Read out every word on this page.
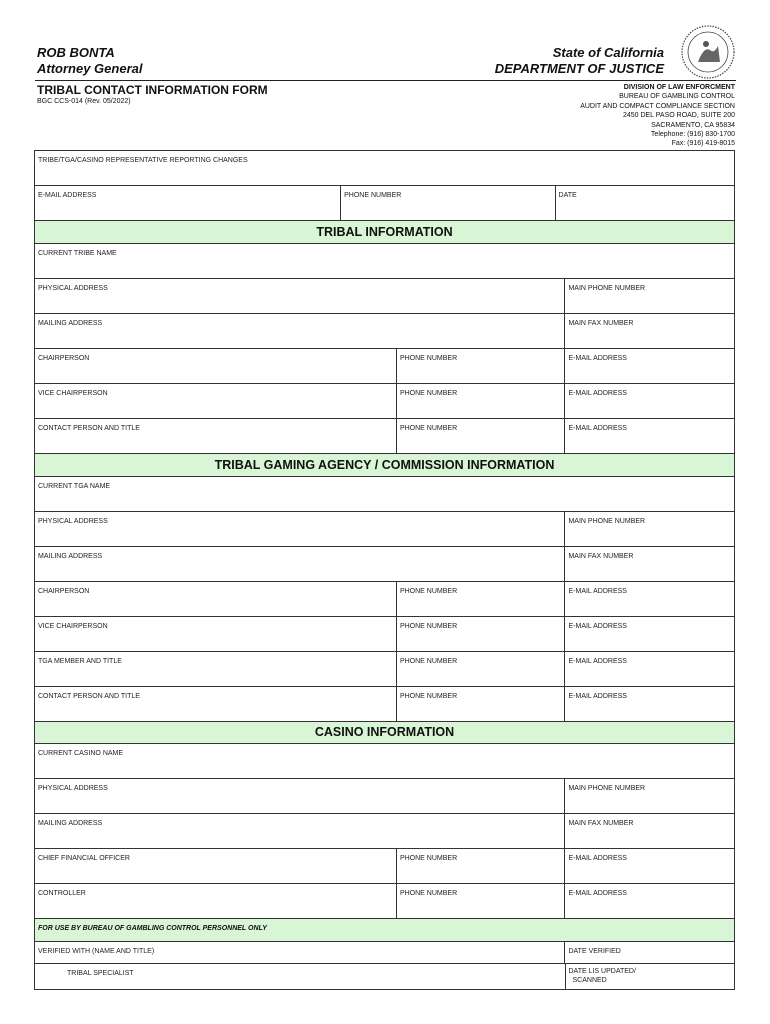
ROB BONTA
Attorney General
State of California
DEPARTMENT OF JUSTICE
TRIBAL CONTACT INFORMATION FORM
BGC CCS-014 (Rev. 05/2022)
DIVISION OF LAW ENFORCMENT
BUREAU OF GAMBLING CONTROL
AUDIT AND COMPACT COMPLIANCE SECTION
2450 DEL PASO ROAD, SUITE 200
SACRAMENTO, CA 95834
Telephone: (916) 830-1700
Fax: (916) 419-8015
TRIBE/TGA/CASINO REPRESENTATIVE REPORTING CHANGES
E-MAIL ADDRESS	PHONE NUMBER	DATE
TRIBAL INFORMATION
CURRENT TRIBE NAME
PHYSICAL ADDRESS	MAIN PHONE NUMBER
MAILING ADDRESS	MAIN FAX NUMBER
CHAIRPERSON	PHONE NUMBER	E-MAIL ADDRESS
VICE CHAIRPERSON	PHONE NUMBER	E-MAIL ADDRESS
CONTACT PERSON AND TITLE	PHONE NUMBER	E-MAIL ADDRESS
TRIBAL GAMING AGENCY / COMMISSION INFORMATION
CURRENT TGA NAME
PHYSICAL ADDRESS	MAIN PHONE NUMBER
MAILING ADDRESS	MAIN FAX NUMBER
CHAIRPERSON	PHONE NUMBER	E-MAIL ADDRESS
VICE CHAIRPERSON	PHONE NUMBER	E-MAIL ADDRESS
TGA MEMBER AND TITLE	PHONE NUMBER	E-MAIL ADDRESS
CONTACT PERSON AND TITLE	PHONE NUMBER	E-MAIL ADDRESS
CASINO INFORMATION
CURRENT CASINO NAME
PHYSICAL ADDRESS	MAIN PHONE NUMBER
MAILING ADDRESS	MAIN FAX NUMBER
CHIEF FINANCIAL OFFICER	PHONE NUMBER	E-MAIL ADDRESS
CONTROLLER	PHONE NUMBER	E-MAIL ADDRESS
FOR USE BY BUREAU OF GAMBLING CONTROL PERSONNEL ONLY
VERIFIED WITH (NAME AND TITLE)	DATE VERIFIED
TRIBAL SPECIALIST	DATE LIS UPDATED/
SCANNED
